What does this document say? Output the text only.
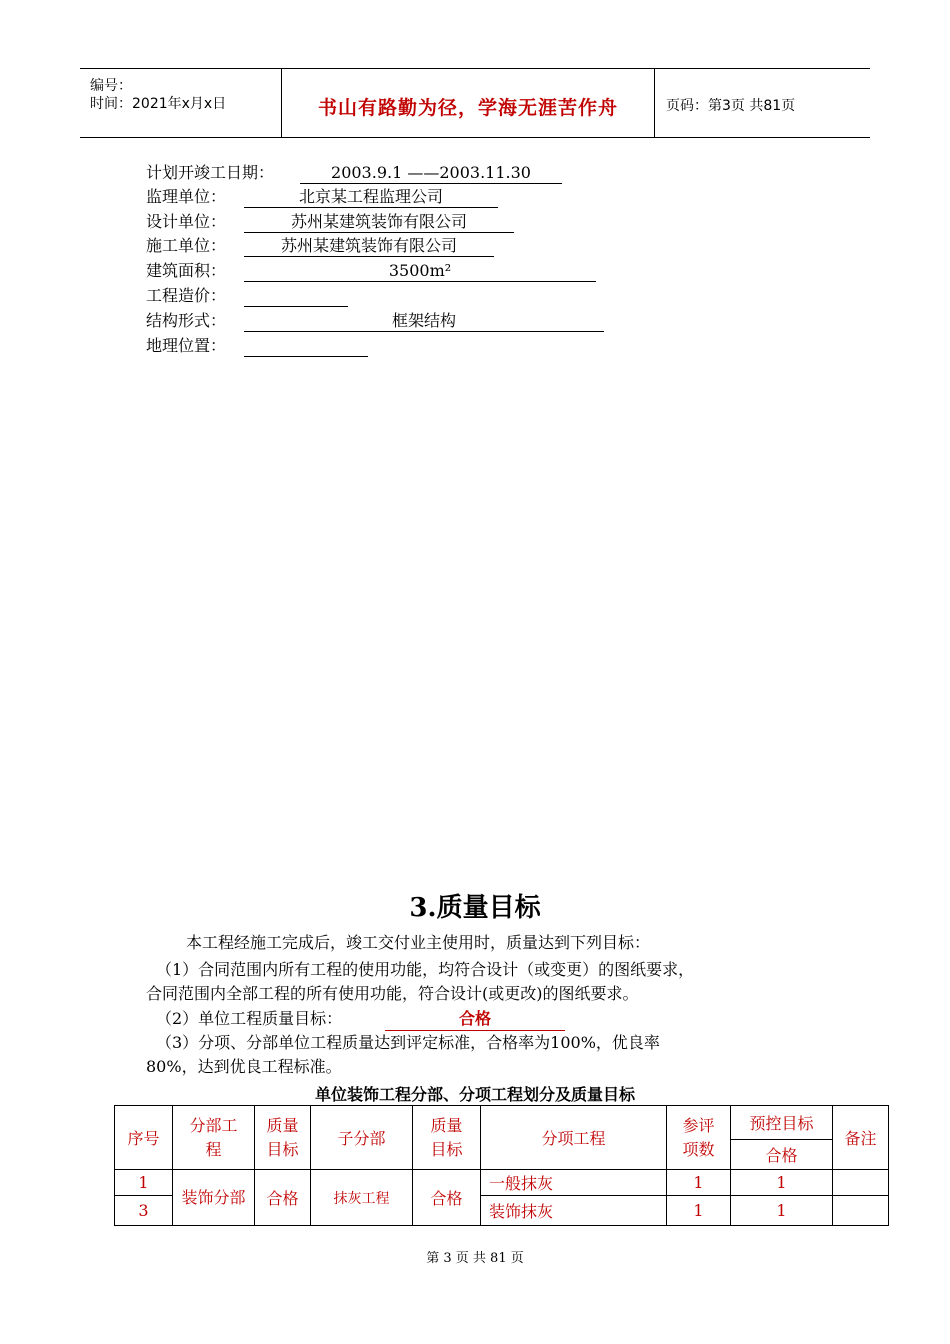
编号：
时间：2021年x月x日	书山有路勤为径，学海无涯苦作舟	页码：第3页 共81页
计划开竣工日期：	2003.9.1 ——2003.11.30
监理单位：	北京某工程监理公司
设计单位：	苏州某建筑装饰有限公司
施工单位：	苏州某建筑装饰有限公司
建筑面积：	3500m²
工程造价：
结构形式：	框架结构
地理位置：
3.质量目标
本工程经施工完成后，竣工交付业主使用时，质量达到下列目标：
（1）合同范围内所有工程的使用功能，均符合设计（或变更）的图纸要求，
合同范围内全部工程的所有使用功能，符合设计(或更改)的图纸要求。
（2）单位工程质量目标：	合格
（3）分项、分部单位工程质量达到评定标准，合格率为100%，优良率
80%，达到优良工程标准。
单位装饰工程分部、分项工程划分及质量目标
序号	分部工程	质量目标	子分部	质量目标	分项工程	参评项数	预控目标	备注
							合格	
1	装饰分部	合格	抹灰工程	合格	一般抹灰	1	1	
3					装饰抹灰	1	1	
第 3 页 共 81 页
